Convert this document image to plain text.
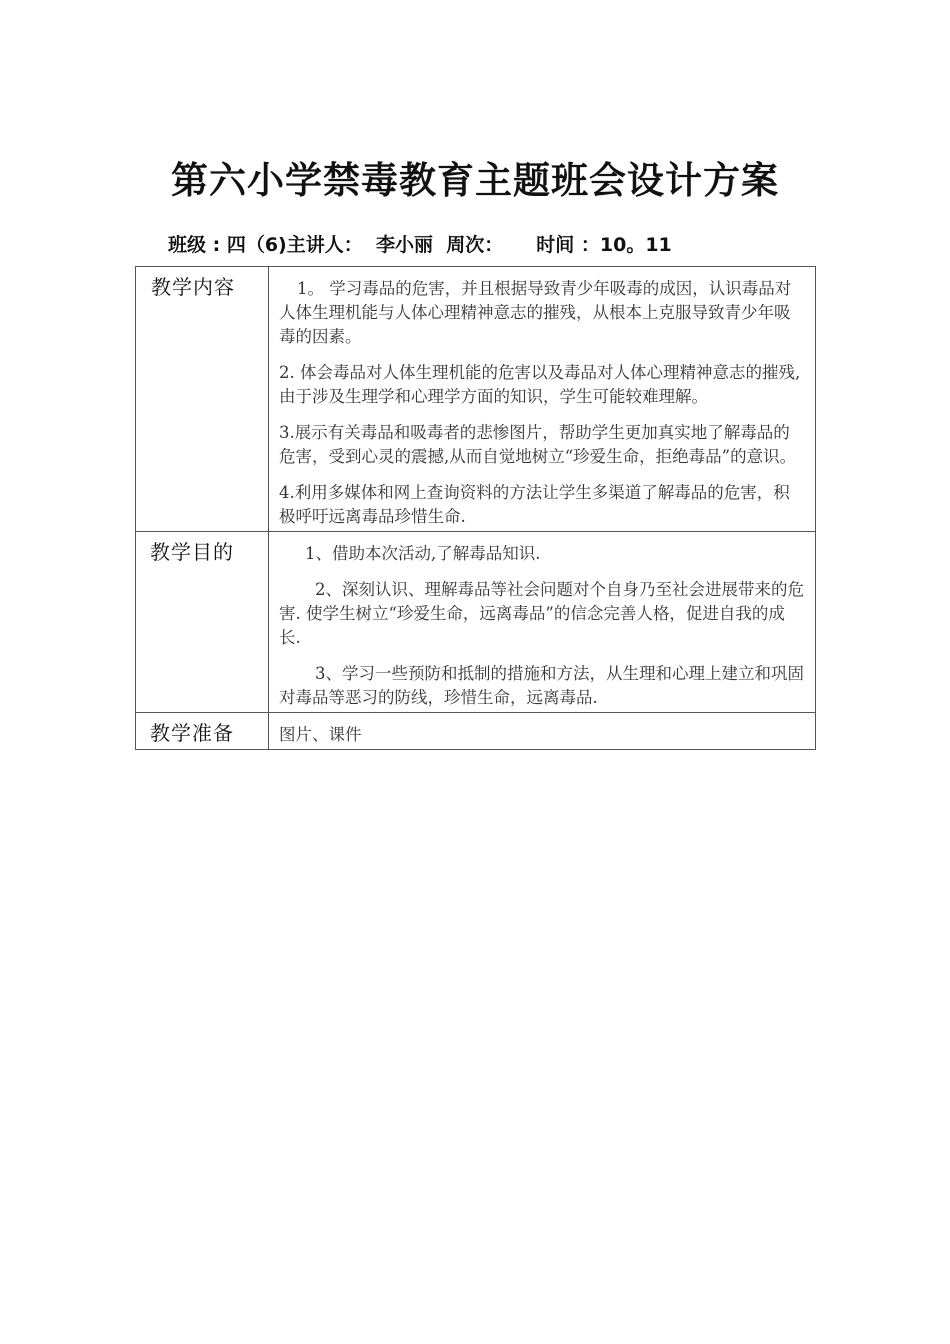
第六小学禁毒教育主题班会设计方案
班级 : 四（6)主讲人：  李小丽  周次：     时间 ：10。11
教学内容	1。 学习毒品的危害，并且根据导致青少年吸毒的成因，认识毒品对人体生理机能与人体心理精神意志的摧残，从根本上克服导致青少年吸毒的因素。

2. 体会毒品对人体生理机能的危害以及毒品对人体心理精神意志的摧残,由于涉及生理学和心理学方面的知识，学生可能较难理解。

3.展示有关毒品和吸毒者的悲惨图片，帮助学生更加真实地了解毒品的危害，受到心灵的震撼,从而自觉地树立“珍爱生命，拒绝毒品”的意识。

4.利用多媒体和网上查询资料的方法让学生多渠道了解毒品的危害，积极呼吁远离毒品珍惜生命.

教学目的	1、借助本次活动,了解毒品知识.

2、深刻认识、理解毒品等社会问题对个自身乃至社会进展带来的危害. 使学生树立“珍爱生命，远离毒品”的信念完善人格，促进自我的成长.

3、学习一些预防和抵制的措施和方法，从生理和心理上建立和巩固对毒品等恶习的防线，珍惜生命，远离毒品.

教学准备	图片、课件
